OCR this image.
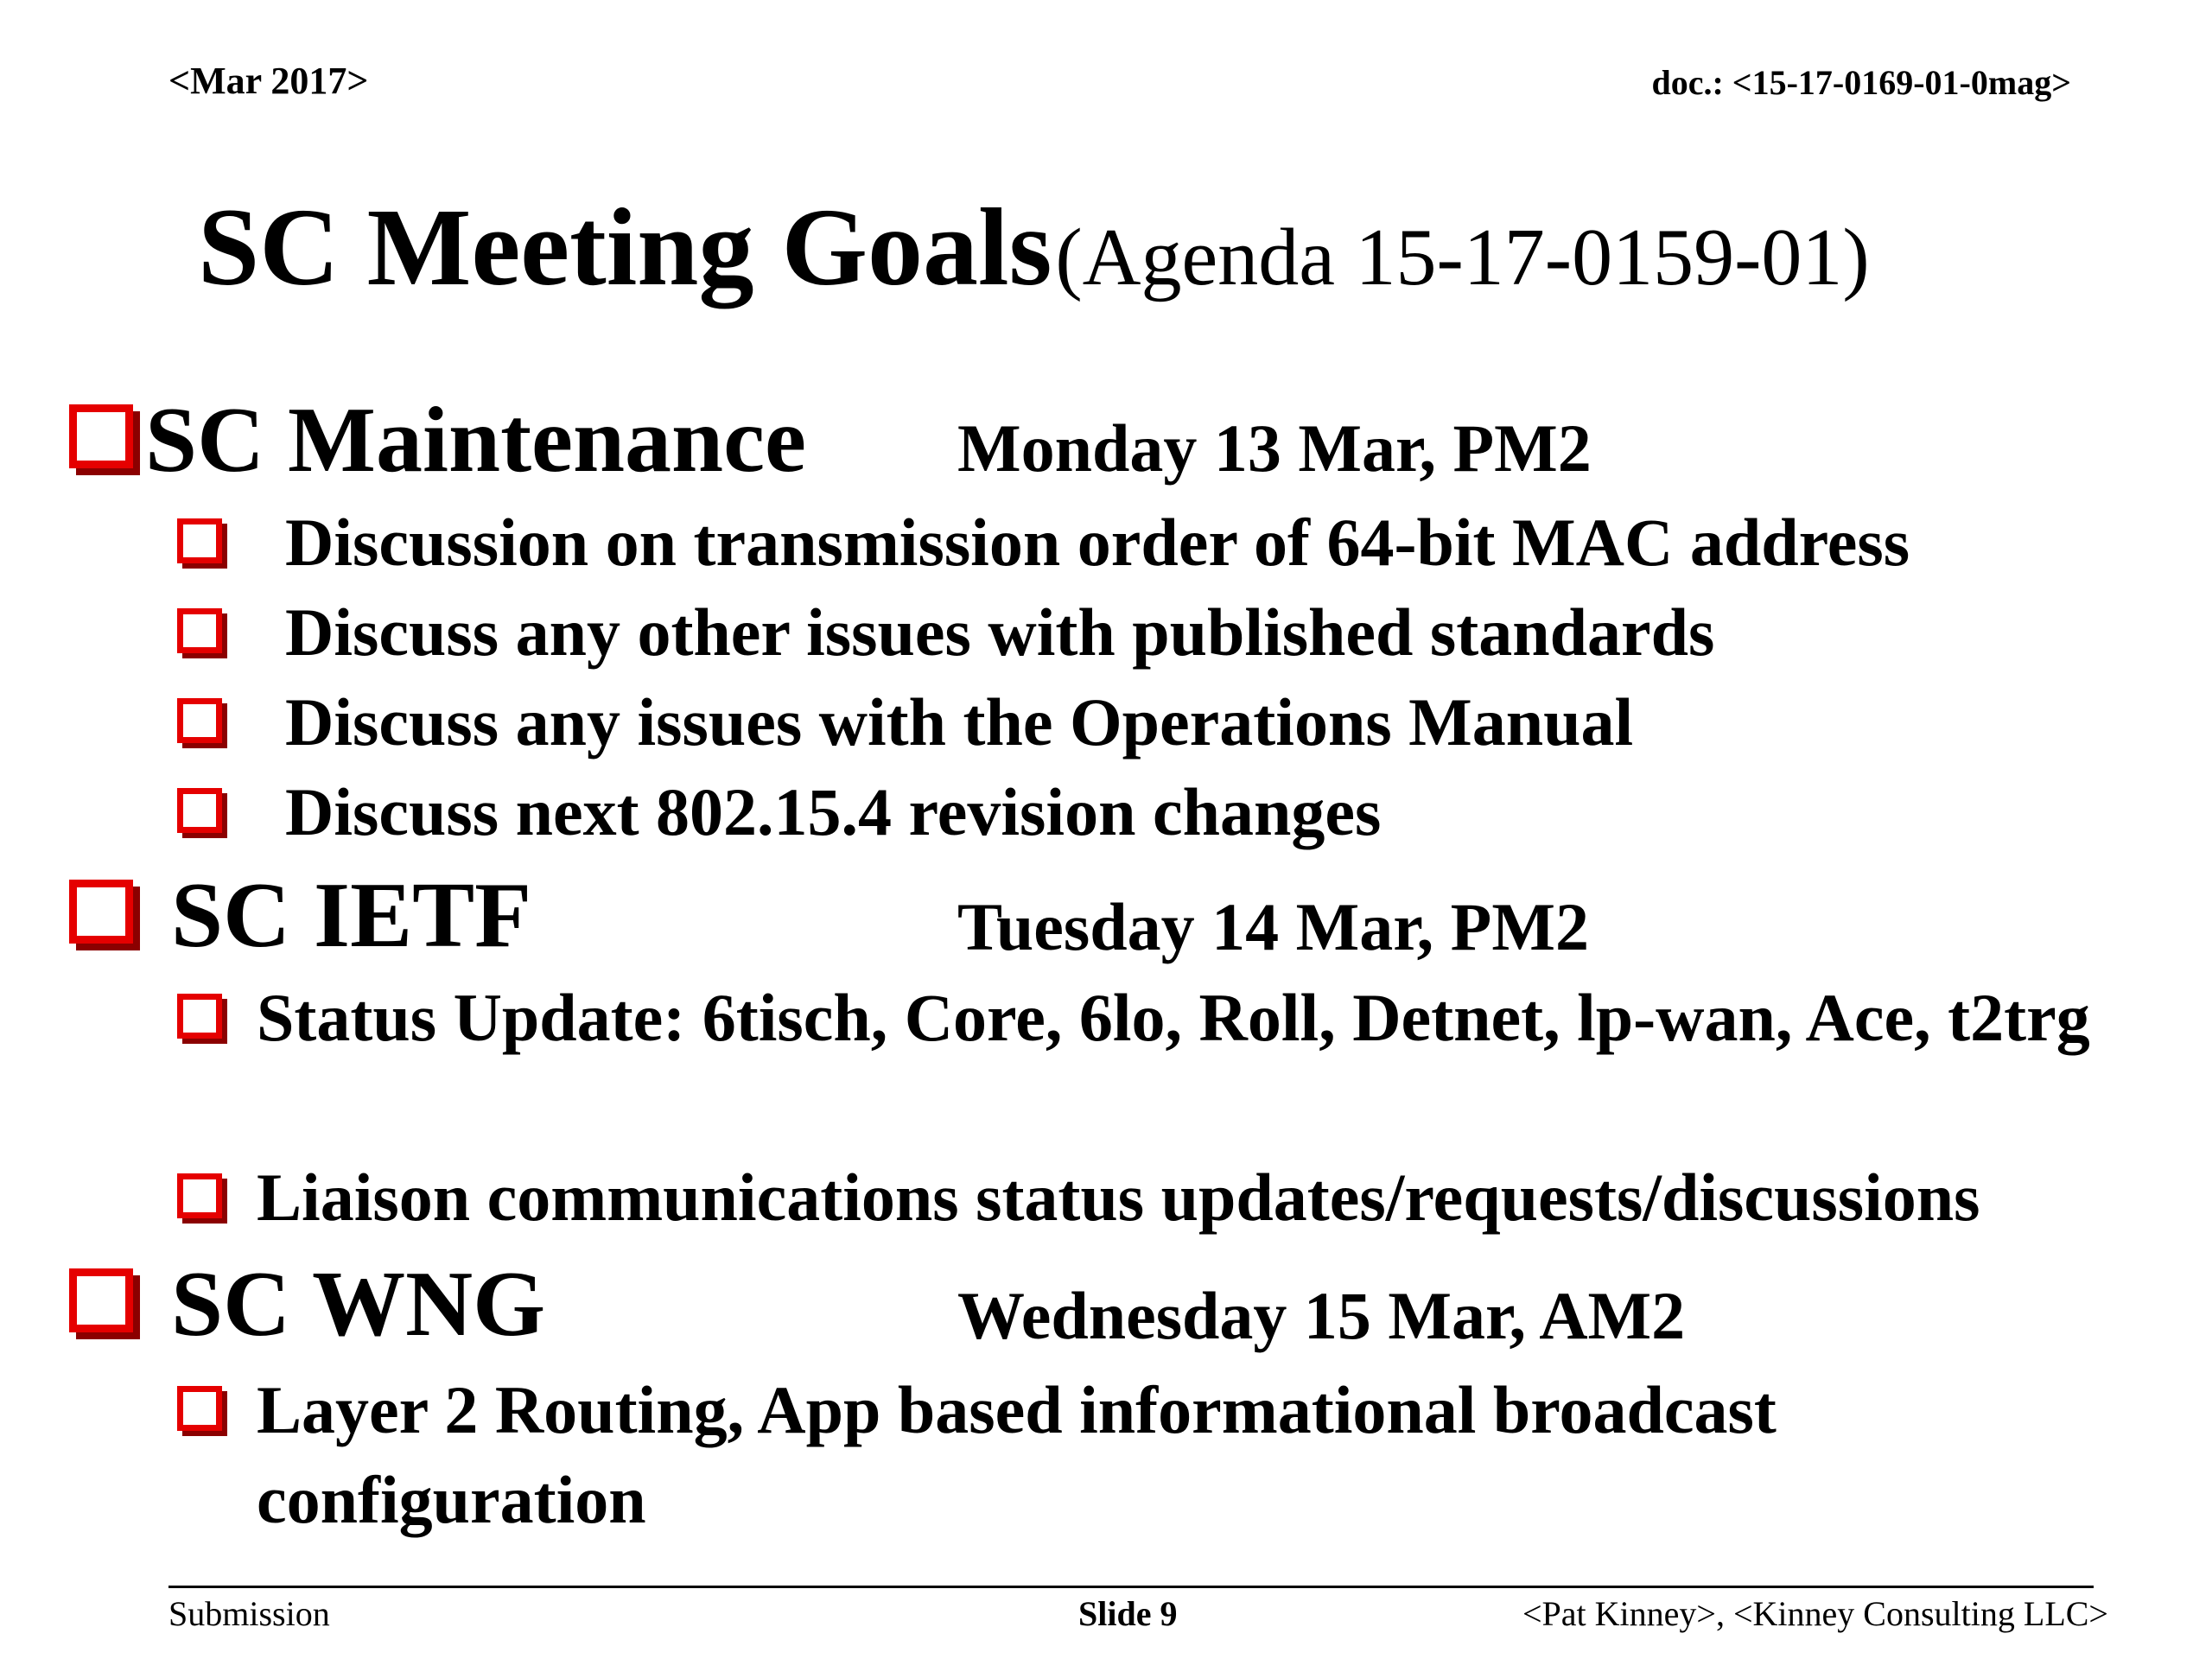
<Mar 2017>	doc.: <15-17-0169-01-0mag>
SC Meeting Goals (Agenda 15-17-0159-01)
SC Maintenance Monday 13 Mar, PM2
Discussion on transmission order of 64-bit MAC address
Discuss any other issues with published standards
Discuss any issues with the Operations Manual
Discuss next 802.15.4 revision changes
SC IETF	Tuesday 14 Mar, PM2
Status Update: 6tisch, Core, 6lo, Roll, Detnet, lp-wan, Ace, t2trg
Liaison communications status updates/requests/discussions
SC WNG	Wednesday 15 Mar, AM2
Layer 2 Routing, App based informational broadcast configuration
Submission	Slide 9	<Pat Kinney>, <Kinney Consulting LLC>
